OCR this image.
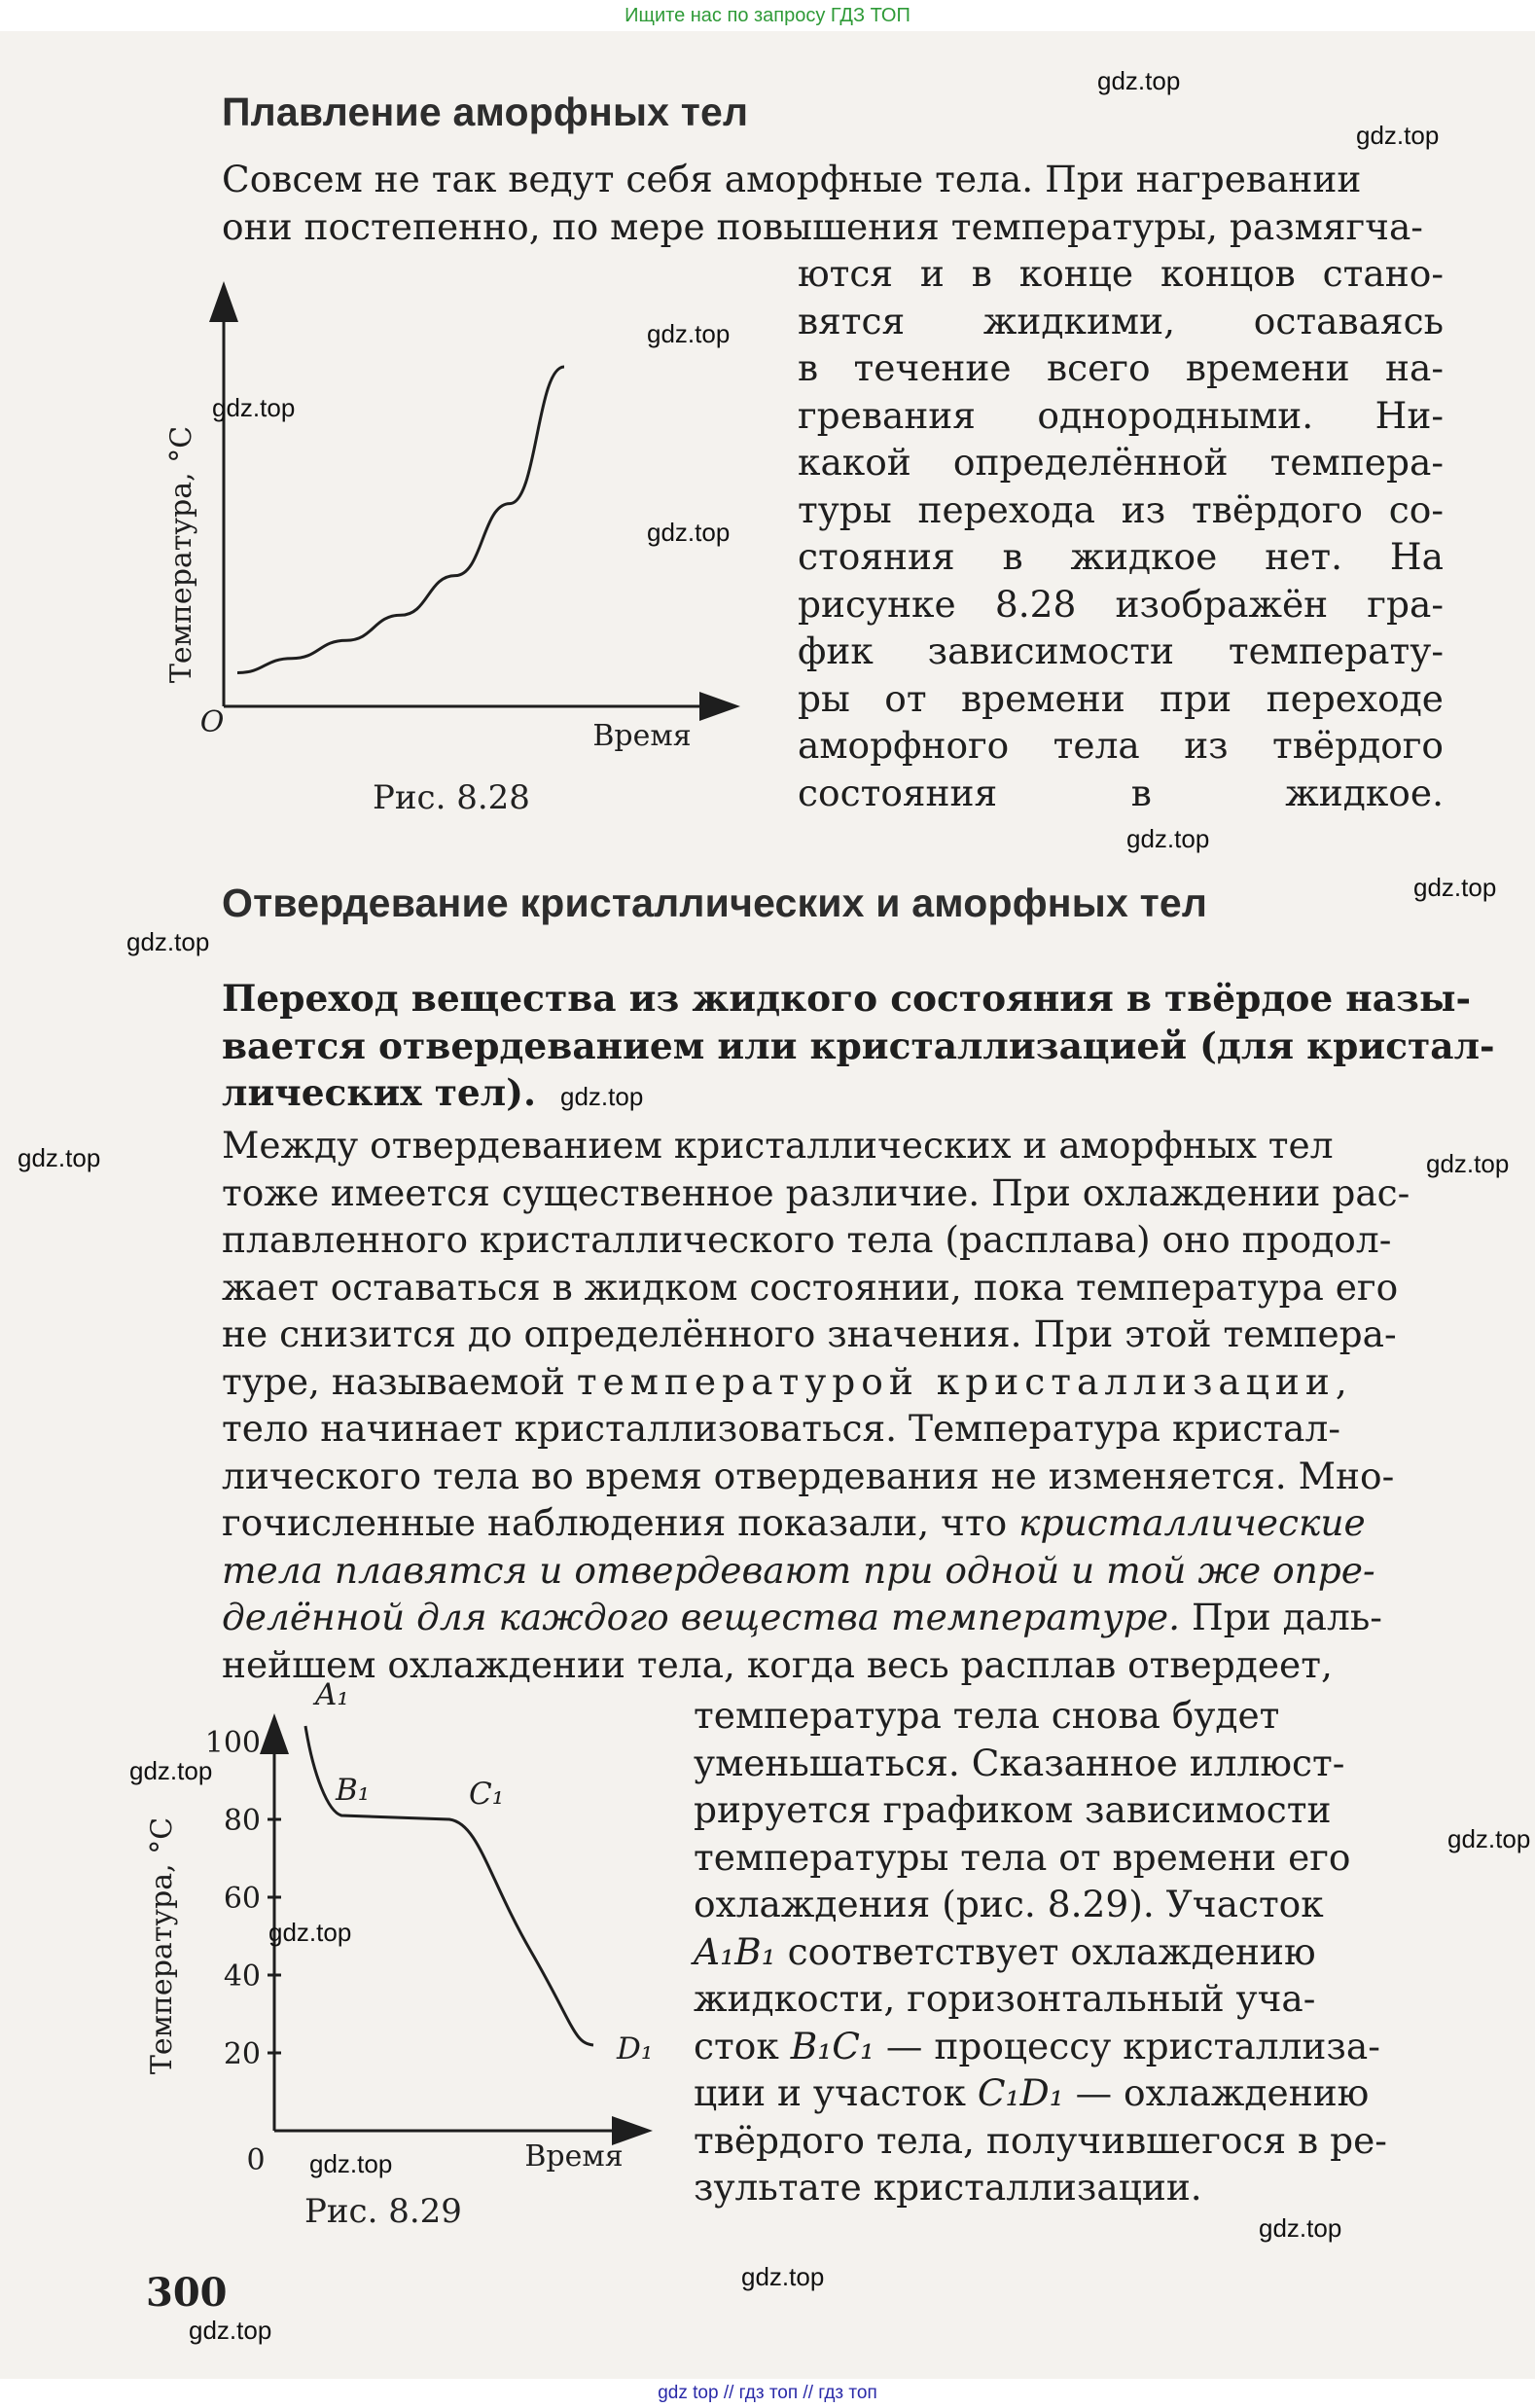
Ищите нас по запросу ГДЗ ТОП
Плавление аморфных тел
Совсем не так ведут себя аморфные тела. При нагревании
они постепенно, по мере повышения температуры, размягча-
ются и в конце концов стано-
вятся жидкими, оставаясь
в течение всего времени на-
гревания однородными. Ни-
какой определённой темпера-
туры перехода из твёрдого со-
стояния в жидкое нет. На
рисунке 8.28 изображён гра-
фик зависимости температу-
ры от времени при переходе
аморфного тела из твёрдого
состояния в жидкое.
O	Время
Температура, °С
Рис. 8.28
Отвердевание кристаллических и аморфных тел
Переход вещества из жидкого состояния в твёрдое назы-
вается отвердеванием или кристаллизацией (для кристал-
лических тел).
Между отвердеванием кристаллических и аморфных тел
тоже имеется существенное различие. При охлаждении рас-
плавленного кристаллического тела (расплава) оно продол-
жает оставаться в жидком состоянии, пока температура его
не снизится до определённого значения. При этой темпера-
туре, называемой температурой кристаллизации,
тело начинает кристаллизоваться. Температура кристал-
лического тела во время отвердевания не изменяется. Мно-
гочисленные наблюдения показали, что кристаллические
тела плавятся и отвердевают при одной и той же опре-
делённой для каждого вещества температуре. При даль-
нейшем охлаждении тела, когда весь расплав отвердеет,
температура тела снова будет
уменьшаться. Сказанное иллюст-
рируется графиком зависимости
температуры тела от времени его
охлаждения (рис. 8.29). Участок
A₁B₁ соответствует охлаждению
жидкости, горизонтальный уча-
сток B₁C₁ — процессу кристаллиза-
ции и участок C₁D₁ — охлаждению
твёрдого тела, получившегося в ре-
зультате кристаллизации.
20
40
60
80
100
A₁
B₁	C₁
D₁
0	Время
Температура, °С
Рис. 8.29
300
gdz.top
gdz.top
gdz.top
gdz.top
gdz.top
gdz.top
gdz.top
gdz.top
gdz.top
gdz.top	gdz.top
gdz.top
gdz.top
gdz.top
gdz.top
gdz.top
gdz.top
gdz.top
gdz top // гдз топ // гдз топ
